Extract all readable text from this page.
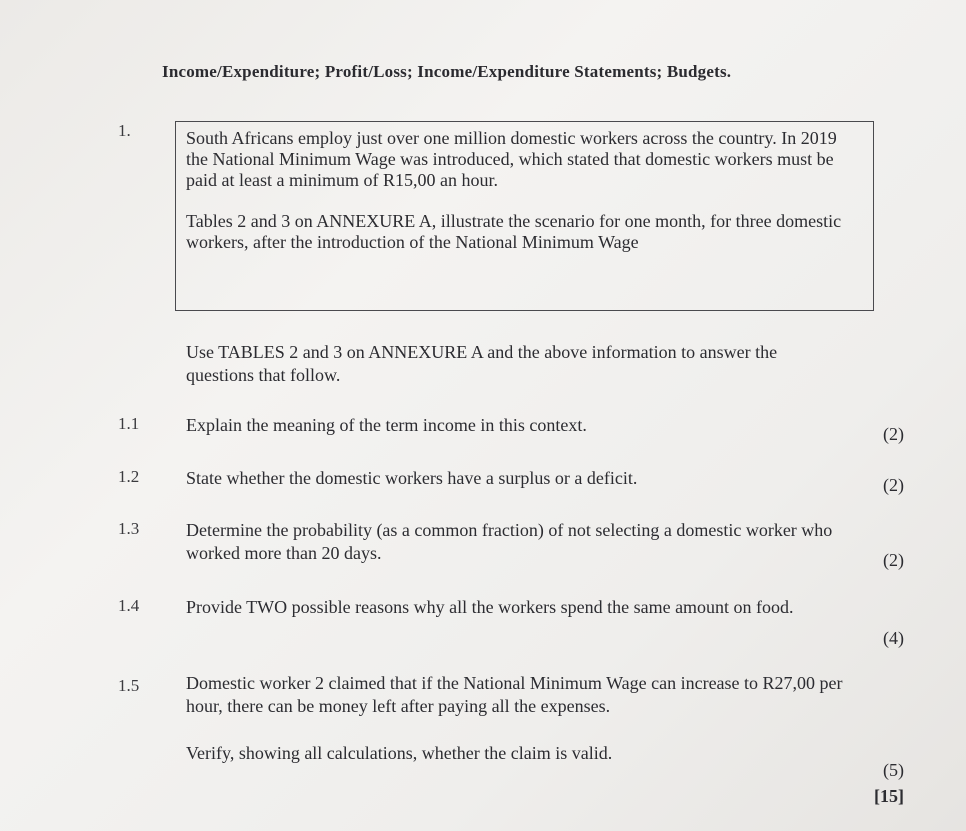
Income/Expenditure; Profit/Loss; Income/Expenditure Statements; Budgets.
1.	South Africans employ just over one million domestic workers across the country. In 2019 the National Minimum Wage was introduced, which stated that domestic workers must be paid at least a minimum of R15,00 an hour.

Tables 2 and 3 on ANNEXURE A, illustrate the scenario for one month, for three domestic workers, after the introduction of the National Minimum Wage

Use TABLES 2 and 3 on ANNEXURE A and the above information to answer the questions that follow.

1.1	Explain the meaning of the term income in this context.	(2)
1.2	State whether the domestic workers have a surplus or a deficit.	(2)
1.3	Determine the probability (as a common fraction) of not selecting a domestic worker who worked more than 20 days.	(2)
1.4	Provide TWO possible reasons why all the workers spend the same amount on food.

(4)
1.5	Domestic worker 2 claimed that if the National Minimum Wage can increase to R27,00 per hour, there can be money left after paying all the expenses.

Verify, showing all calculations, whether the claim is valid.

(5)
[15]
